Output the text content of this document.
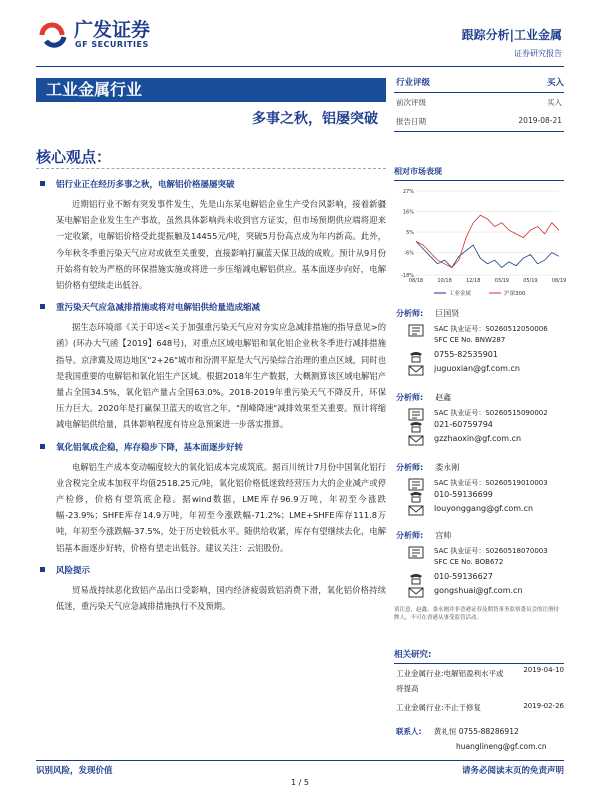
广发证券
GF SECURITIES
跟踪分析|工业金属
证券研究报告
工业金属行业
多事之秋，铝屡突破
核心观点：
铝行业正在经历多事之秋，电解铝价格屡屡突破
近期铝行业不断有突发事件发生，先是山东某电解铝企业生产受台风影响，接着新疆某电解铝企业发生生产事故，虽然具体影响尚未收到官方证实，但市场预期供应端将迎来一定收紧，电解铝价格受此提振触及14455元/吨，突破5月份高点成为年内新高。此外，今年秋冬季重污染天气应对或就至关重要，直接影响打赢蓝天保卫战的成败。预计从9月份开始将有较为严格的环保措施实施或将进一步压缩减电解铝供应。基本面逐步向好，电解铝价格有望续走出低谷。
重污染天气应急减排措施或将对电解铝供给量造成缩减
据生态环境部《关于印送<关于加强重污染天气应对夯实应急减排措施的指导意见>的函》(环办大气函【2019】648号)，对重点区域电解铝和氧化铝企业秋冬季进行减排措施指导。京津冀及周边地区"2+26"城市和汾渭平原是大气污染综合治理的重点区域，同时也是我国重要的电解铝和氧化铝生产区域。根据2018年生产数据，大概测算该区域电解铝产量占全国34.5%，氧化铝产量占全国63.0%。2018-2019年重污染天气不降反升，环保压力巨大。2020年是打赢保卫蓝天的收官之年，"削峰降速"减排效果至关重要。预计将缩减电解铝供给量，具体影响程度有待应急预案进一步落实推算。
氧化铝氧成企稳，库存稳步下降，基本面逐步好转
电解铝生产成本变动幅度较大的氧化铝成本完成筑底。据百川统计7月份中国氧化铝行业含税完全成本加权平均值2518.25元/吨，氧化铝价格低迷致经营压力大的企业减产或停产检修，价格有望筑底企稳。据wind数据，LME库存96.9万吨，年初至今涨跌幅-23.9%；SHFE库存14.9万吨，年初至今涨跌幅-71.2%；LME+SHFE库存111.8万吨，年初至今涨跌幅-37.5%，处于历史较低水平。随供给收紧，库存有望继续去化，电解铝基本面逐步好转，价格有望走出低谷。建议关注：云铝股份。
风险提示
贸易战持续恶化致铝产品出口受影响，国内经济疲弱致铝消费下滑，氧化铝价格持续低迷，重污染天气应急减排措施执行不及预期。
行业评级	买入
前次评级	买入
报告日期	2019-08-21
相对市场表现
27%
16%
5%
-6%
-18%
08/18	10/18	12/18	03/19	05/19	08/19
工业金属	沪深300
分析师: 巨国贤
SAC 执业证号：S0260512050006
SFC CE No. BNW287
0755-82535901
juguoxian@gf.com.cn
分析师: 赵鑫
SAC 执业证号：S0260515090002
021-60759794
gzzhaoxin@gf.com.cn
分析师: 娄永刚
SAC 执业证号：S0260519010003
010-59136699
louyonggang@gf.com.cn
分析师: 宫帅
SAC 执业证号：S0260518070003
SFC CE No. BOB672
010-59136627
gongshuai@gf.com.cn
请注意，赵鑫、娄永刚并非香港证券及期货事务监察委员会的注册持牌人，不可在香港从事受监管活动。
相关研究:
工业金属行业:电解铝盈利水平或将提高
2019-04-10
工业金属行业:不止于修复	2019-02-26
联系人: 黄礼恒 0755-88286912
huanglineng@gf.com.cn
识别风险，发现价值	请务必阅读末页的免责声明
1 / 5
